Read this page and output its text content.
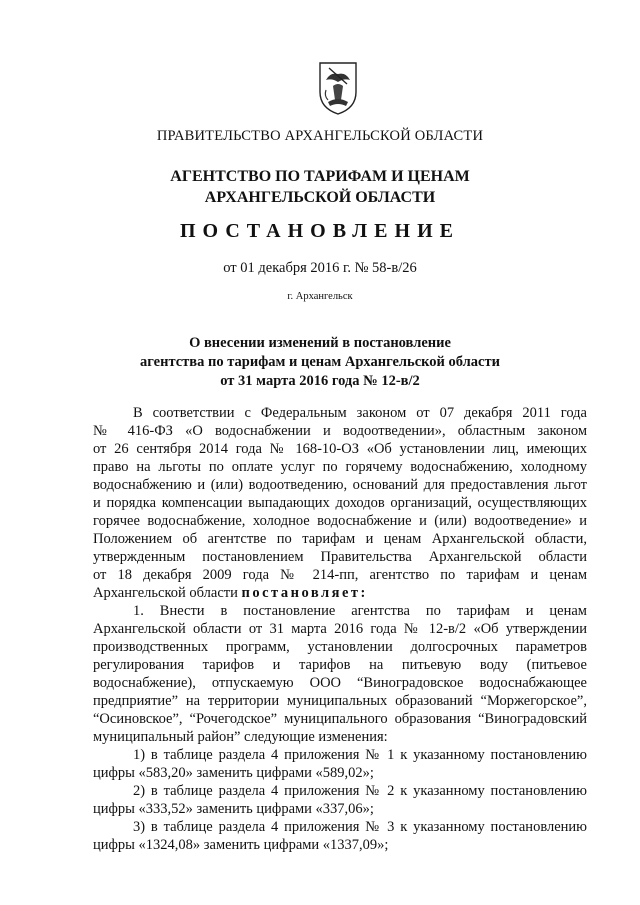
ПРАВИТЕЛЬСТВО АРХАНГЕЛЬСКОЙ ОБЛАСТИ
АГЕНТСТВО ПО ТАРИФАМ И ЦЕНАМ
АРХАНГЕЛЬСКОЙ ОБЛАСТИ
ПОСТАНОВЛЕНИЕ
от 01 декабря 2016 г. № 58-в/26
г. Архангельск
О внесении изменений в постановление
агентства по тарифам и ценам Архангельской области
от 31 марта 2016 года № 12-в/2
В соответствии с Федеральным законом от 07 декабря 2011 года
№ 416-ФЗ «О водоснабжении и водоотведении», областным законом
от 26 сентября 2014 года № 168-10-ОЗ «Об установлении лиц, имеющих
право на льготы по оплате услуг по горячему водоснабжению, холодному
водоснабжению и (или) водоотведению, оснований для предоставления льгот
и порядка компенсации выпадающих доходов организаций, осуществляющих
горячее водоснабжение, холодное водоснабжение и (или) водоотведение» и
Положением об агентстве по тарифам и ценам Архангельской области,
утвержденным постановлением Правительства Архангельской области
от 18 декабря 2009 года № 214-пп, агентство по тарифам и ценам
Архангельской области постановляет:
1. Внести в постановление агентства по тарифам и ценам
Архангельской области от 31 марта 2016 года № 12-в/2 «Об утверждении
производственных программ, установлении долгосрочных параметров
регулирования тарифов и тарифов на питьевую воду (питьевое
водоснабжение), отпускаемую ООО “Виноградовское водоснабжающее
предприятие” на территории муниципальных образований “Моржегорское”,
“Осиновское”, “Рочегодское” муниципального образования “Виноградовский
муниципальный район” следующие изменения:
1) в таблице раздела 4 приложения № 1 к указанному постановлению
цифры «583,20» заменить цифрами «589,02»;
2) в таблице раздела 4 приложения № 2 к указанному постановлению
цифры «333,52» заменить цифрами «337,06»;
3) в таблице раздела 4 приложения № 3 к указанному постановлению
цифры «1324,08» заменить цифрами «1337,09»;
